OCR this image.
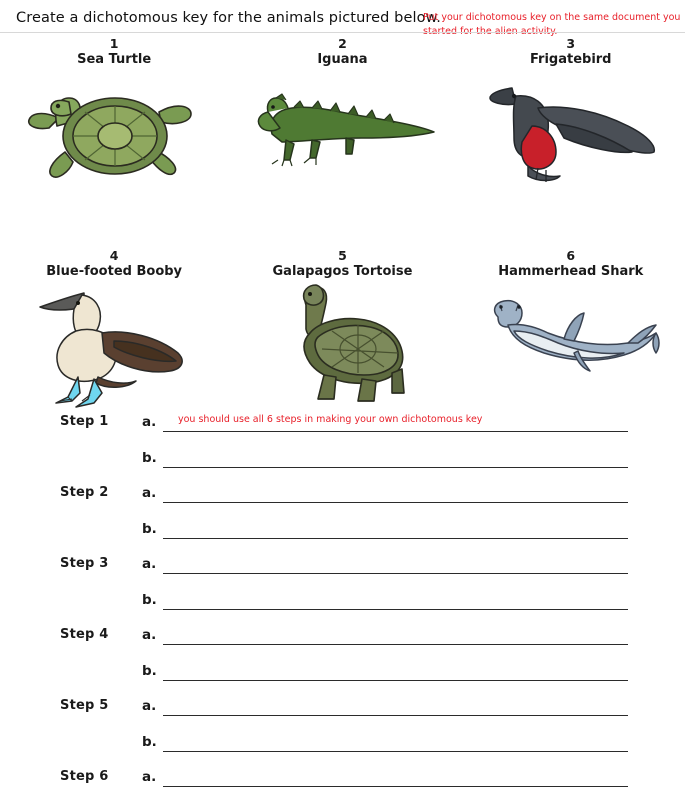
Create a dichotomous key for the animals pictured below.
Put your dichotomous key on the same document you
1
Sea Turtle
2
Iguana
3
Frigatebird
4
Blue-footed Booby
5
Galapagos Tortoise
6
Hammerhead Shark
Step 1 a. you should use all 6 steps in making your own dichotomous key
b.
Step 2 a.
b.
Step 3 a.
b.
Step 4 a.
b.
Step 5 a.
b.
Step 6 a.
